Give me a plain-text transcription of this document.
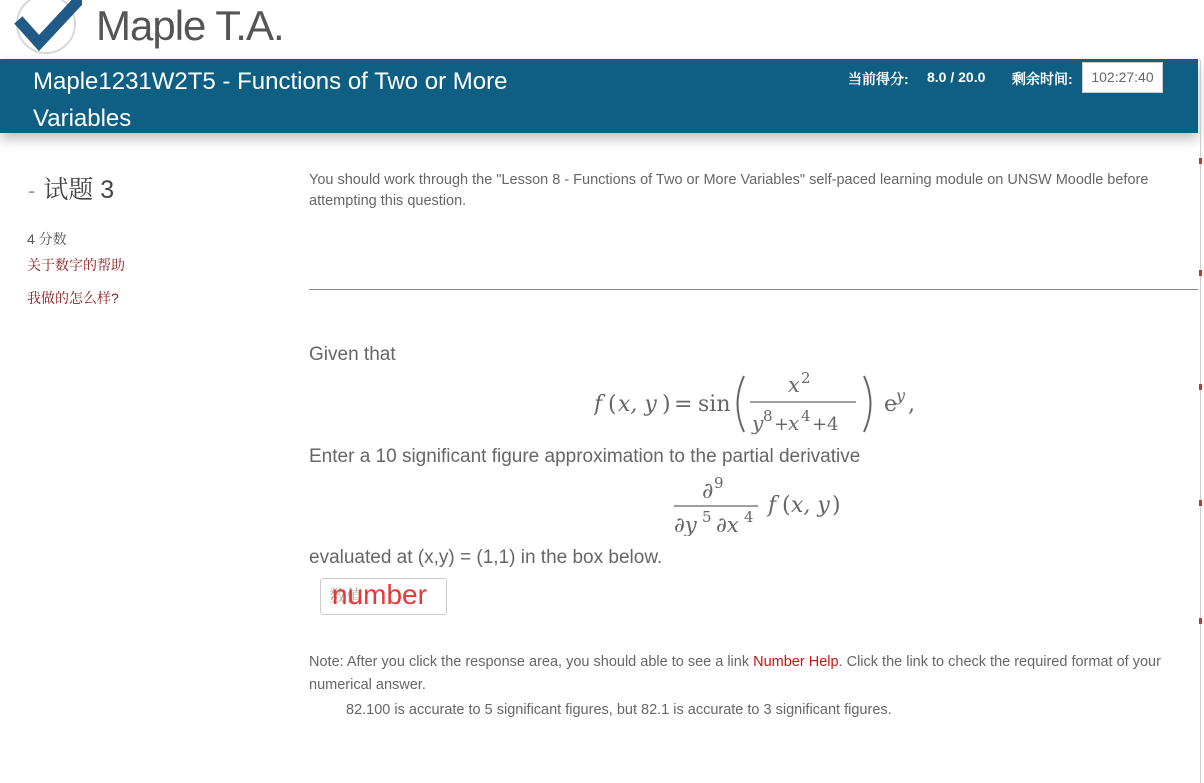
Maple T.A.
Maple1231W2T5 - Functions of Two or More Variables
当前得分: 8.0 / 20.0 剩余时间:	102:27:40
- 试题 3
4 分数
关于数字的帮助
我做的怎么样?
You should work through the "Lesson 8 - Functions of Two or More Variables" self-paced learning module on UNSW Moodle before attempting this question.
Given that
f ( x, y ) = sin
x 2
y 8 +
x 4 +4
e
y ,
Enter a 10 significant figure approximation to the partial derivative
∂ 9
∂y 5 ∂x 4 f ( x, y )
evaluated at (x,y) = (1,1) in the box below.
数值
number
Note: After you click the response area, you should able to see a link Number Help. Click the link to check the required format of your numerical answer.
82.100 is accurate to 5 significant figures, but 82.1 is accurate to 3 significant figures.
